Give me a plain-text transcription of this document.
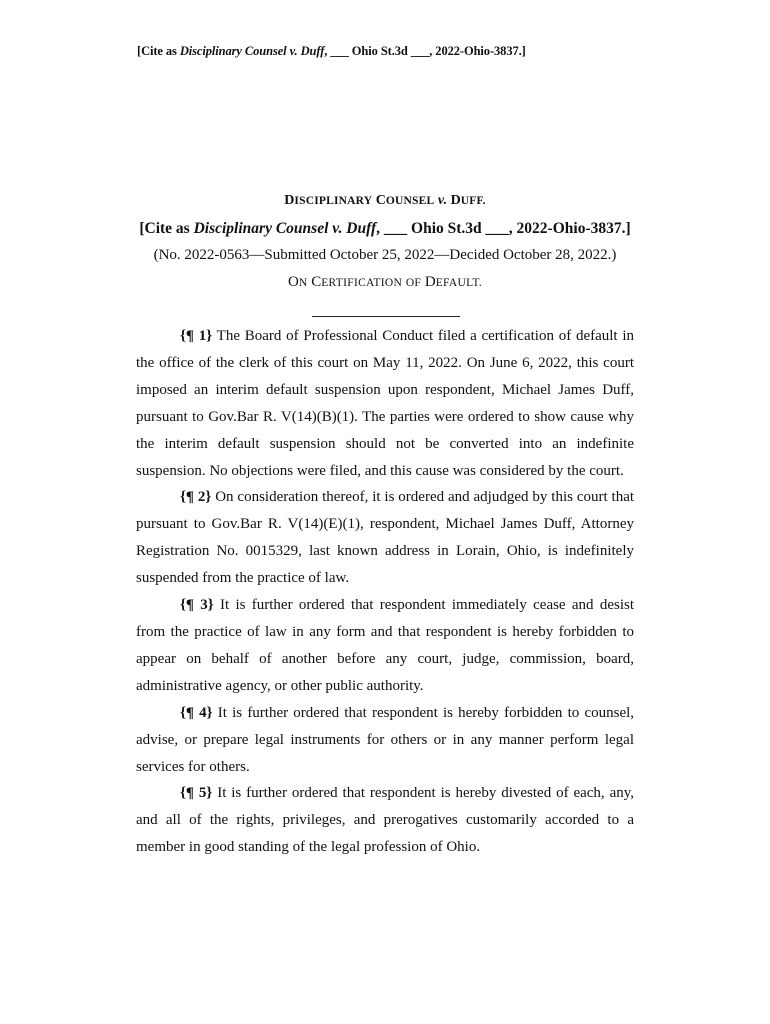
[Cite as Disciplinary Counsel v. Duff, ___ Ohio St.3d ___, 2022-Ohio-3837.]
DISCIPLINARY COUNSEL v. DUFF.
[Cite as Disciplinary Counsel v. Duff, ___ Ohio St.3d ___, 2022-Ohio-3837.]
(No. 2022-0563—Submitted October 25, 2022—Decided October 28, 2022.)
ON CERTIFICATION OF DEFAULT.

{¶ 1} The Board of Professional Conduct filed a certification of default in the office of the clerk of this court on May 11, 2022. On June 6, 2022, this court imposed an interim default suspension upon respondent, Michael James Duff, pursuant to Gov.Bar R. V(14)(B)(1). The parties were ordered to show cause why the interim default suspension should not be converted into an indefinite suspension. No objections were filed, and this cause was considered by the court.

{¶ 2} On consideration thereof, it is ordered and adjudged by this court that pursuant to Gov.Bar R. V(14)(E)(1), respondent, Michael James Duff, Attorney Registration No. 0015329, last known address in Lorain, Ohio, is indefinitely suspended from the practice of law.

{¶ 3} It is further ordered that respondent immediately cease and desist from the practice of law in any form and that respondent is hereby forbidden to appear on behalf of another before any court, judge, commission, board, administrative agency, or other public authority.

{¶ 4} It is further ordered that respondent is hereby forbidden to counsel, advise, or prepare legal instruments for others or in any manner perform legal services for others.

{¶ 5} It is further ordered that respondent is hereby divested of each, any, and all of the rights, privileges, and prerogatives customarily accorded to a member in good standing of the legal profession of Ohio.
